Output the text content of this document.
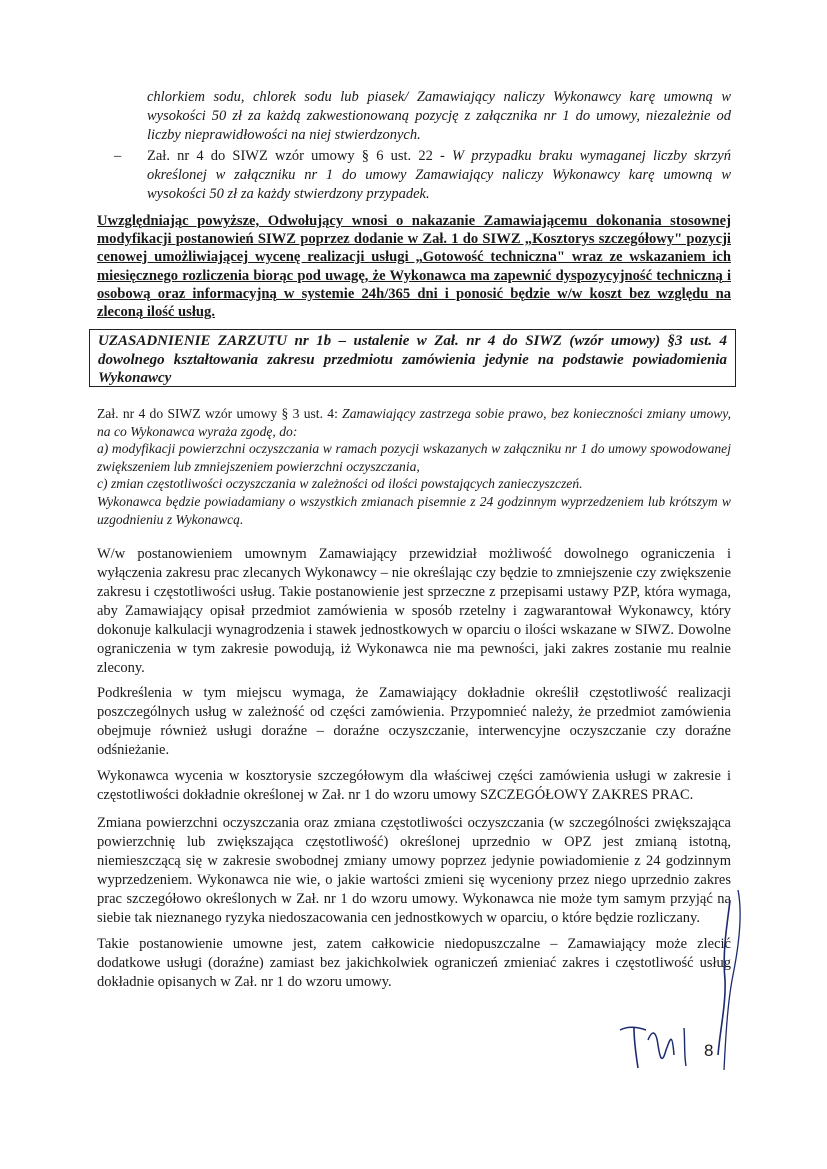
chlorkiem sodu, chlorek sodu lub piasek/ Zamawiający naliczy Wykonawcy karę umowną w wysokości 50 zł za każdą zakwestionowaną pozycję z załącznika nr 1 do umowy, niezależnie od liczby nieprawidłowości na niej stwierdzonych.

– Zał. nr 4 do SIWZ wzór umowy § 6 ust. 22 - W przypadku braku wymaganej liczby skrzyń określonej w załączniku nr 1 do umowy Zamawiający naliczy Wykonawcy karę umowną w wysokości 50 zł za każdy stwierdzony przypadek.

Uwzględniając powyższe, Odwołujący wnosi o nakazanie Zamawiającemu dokonania stosownej modyfikacji postanowień SIWZ poprzez dodanie w Zał. 1 do SIWZ „Kosztorys szczegółowy" pozycji cenowej umożliwiającej wycenę realizacji usługi „Gotowość techniczna" wraz ze wskazaniem ich miesięcznego rozliczenia biorąc pod uwagę, że Wykonawca ma zapewnić dyspozycyjność techniczną i osobową oraz informacyjną w systemie 24h/365 dni i ponosić będzie w/w koszt bez względu na zleconą ilość usług.

UZASADNIENIE ZARZUTU nr 1b – ustalenie w Zał. nr 4 do SIWZ (wzór umowy) §3 ust. 4 dowolnego kształtowania zakresu przedmiotu zamówienia jedynie na podstawie powiadomienia Wykonawcy

Zał. nr 4 do SIWZ wzór umowy § 3 ust. 4: Zamawiający zastrzega sobie prawo, bez konieczności zmiany umowy, na co Wykonawca wyraża zgodę, do:
a) modyfikacji powierzchni oczyszczania w ramach pozycji wskazanych w załączniku nr 1 do umowy spowodowanej zwiększeniem lub zmniejszeniem powierzchni oczyszczania,
c) zmian częstotliwości oczyszczania w zależności od ilości powstających zanieczyszczeń.
Wykonawca będzie powiadamiany o wszystkich zmianach pisemnie z 24 godzinnym wyprzedzeniem lub krótszym w uzgodnieniu z Wykonawcą.

W/w postanowieniem umownym Zamawiający przewidział możliwość dowolnego ograniczenia i wyłączenia zakresu prac zlecanych Wykonawcy – nie określając czy będzie to zmniejszenie czy zwiększenie zakresu i częstotliwości usług. Takie postanowienie jest sprzeczne z przepisami ustawy PZP, która wymaga, aby Zamawiający opisał przedmiot zamówienia w sposób rzetelny i zagwarantował Wykonawcy, który dokonuje kalkulacji wynagrodzenia i stawek jednostkowych w oparciu o ilości wskazane w SIWZ. Dowolne ograniczenia w tym zakresie powodują, iż Wykonawca nie ma pewności, jaki zakres zostanie mu realnie zlecony.

Podkreślenia w tym miejscu wymaga, że Zamawiający dokładnie określił częstotliwość realizacji poszczególnych usług w zależność od części zamówienia. Przypomnieć należy, że przedmiot zamówienia obejmuje również usługi doraźne – doraźne oczyszczanie, interwencyjne oczyszczanie czy doraźne odśnieżanie.

Wykonawca wycenia w kosztorysie szczegółowym dla właściwej części zamówienia usługi w zakresie i częstotliwości dokładnie określonej w Zał. nr 1 do wzoru umowy SZCZEGÓŁOWY ZAKRES PRAC.

Zmiana powierzchni oczyszczania oraz zmiana częstotliwości oczyszczania (w szczególności zwiększająca powierzchnię lub zwiększająca częstotliwość) określonej uprzednio w OPZ jest zmianą istotną, niemieszczącą się w zakresie swobodnej zmiany umowy poprzez jedynie powiadomienie z 24 godzinnym wyprzedzeniem. Wykonawca nie wie, o jakie wartości zmieni się wyceniony przez niego uprzednio zakres prac szczegółowo określonych w Zał. nr 1 do wzoru umowy. Wykonawca nie może tym samym przyjąć na siebie tak nieznanego ryzyka niedoszacowania cen jednostkowych w oparciu, o które będzie rozliczany.

Takie postanowienie umowne jest, zatem całkowicie niedopuszczalne – Zamawiający może zlecić dodatkowe usługi (doraźne) zamiast bez jakichkolwiek ograniczeń zmieniać zakres i częstotliwość usług dokładnie opisanych w Zał. nr 1 do wzoru umowy.

8
